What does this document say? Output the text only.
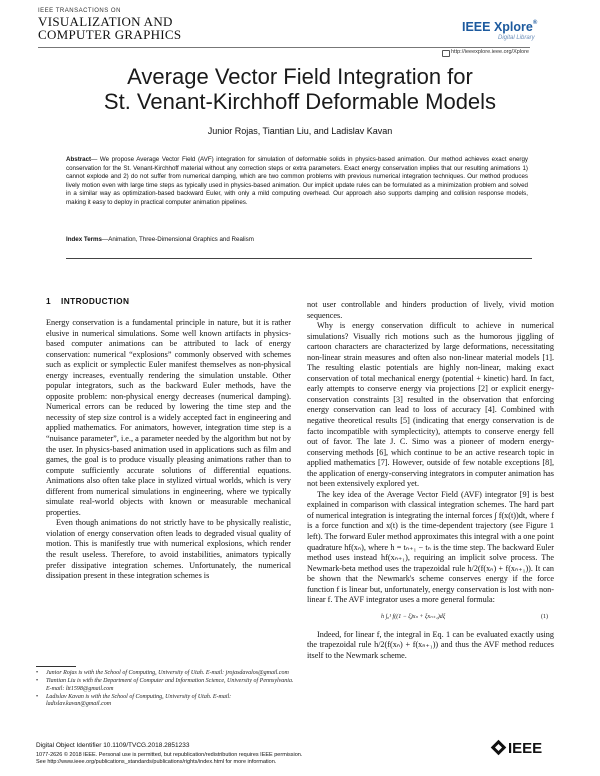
IEEE TRANSACTIONS ON
VISUALIZATION AND
COMPUTER GRAPHICS	IEEE Xplore®
Digital Library
http://ieeexplore.ieee.org/Xplore
Average Vector Field Integration for
St. Venant-Kirchhoff Deformable Models
Junior Rojas, Tiantian Liu, and Ladislav Kavan
Abstract— We propose Average Vector Field (AVF) integration for simulation of deformable solids in physics-based animation. Our method achieves exact energy conservation for the St. Venant-Kirchhoff material without any correction steps or extra parameters. Exact energy conservation implies that our resulting animations 1) cannot explode and 2) do not suffer from numerical damping, which are two common problems with previous numerical integration techniques. Our method produces lively motion even with large time steps as typically used in physics-based animation. Our implicit update rules can be formulated as a minimization problem and solved in a similar way as optimization-based backward Euler, with only a mild computing overhead. Our approach also supports damping and collision response models, making it easy to deploy in practical computer animation pipelines.
Index Terms—Animation, Three-Dimensional Graphics and Realism
1 INTRODUCTION

Energy conservation is a fundamental principle in nature, but it is rather elusive in numerical simulations. Some well known artifacts in physics-based computer animations can be attributed to lack of energy conservation: numerical “explosions” commonly observed with schemes such as explicit or symplectic Euler manifest themselves as non-physical energy increases, eventually rendering the simulation unstable. Other popular integrators, such as the backward Euler methods, have the opposite problem: non-physical energy decreases (numerical damping). Numerical errors can be reduced by lowering the time step and the necessity of step size control is a widely accepted fact in engineering and applied mathematics. For animators, however, integration time step is a “nuisance parameter”, i.e., a parameter needed by the algorithm but not by the user. In physics-based animation used in applications such as film and games, the goal is to produce visually pleasing animations rather than to compute sufficiently accurate solutions of differential equations. Animations also often take place in stylized virtual worlds, which is very different from numerical simulations in engineering, where we typically simulate real-world objects with known or measurable mechanical properties.

Even though animations do not strictly have to be physically realistic, violation of energy conservation often leads to degraded visual quality of motion. This is manifestly true with numerical explosions, which render the result useless. Therefore, to avoid instabilities, animators typically prefer dissipative integration schemes. Unfortunately, the numerical dissipation present in these integration schemes is

not user controllable and hinders production of lively, vivid motion sequences.

Why is energy conservation difficult to achieve in numerical simulations? Visually rich motions such as the humorous jiggling of cartoon characters are characterized by large deformations, necessitating non-linear strain measures and often also non-linear material models [1]. The resulting elastic potentials are highly non-linear, making exact conservation of total mechanical energy (potential + kinetic) hard. In fact, early attempts to conserve energy via projections [2] or explicit energy-conservation constraints [3] resulted in the observation that enforcing energy conservation can lead to loss of accuracy [4]. Combined with negative theoretical results [5] (indicating that energy conservation is de facto incompatible with symplecticity), attempts to conserve energy fell out of favor. The late J. C. Simo was a pioneer of modern energy-conserving methods [6], which continue to be an active research topic in applied mathematics [7]. However, outside of few notable exceptions [8], the application of energy-conserving integrators in computer animation has not been extensively explored yet.

The key idea of the Average Vector Field (AVF) integrator [9] is best explained in comparison with classical integration schemes. The hard part of numerical integration is integrating the internal forces ∫ f(x(t))dt, where f is a force function and x(t) is the time-dependent trajectory (see Figure 1 left). The forward Euler method approximates this integral with a one point quadrature hf(xₙ), where h = tₙ₊₁ − tₙ is the time step. The backward Euler method uses instead hf(xₙ₊₁), requiring an implicit solve process. The Newmark-beta method uses the trapezoidal rule h/2(f(xₙ) + f(xₙ₊₁)). It can be shown that the Newmark's scheme conserves energy if the force function f is linear but, unfortunately, energy conservation is lost with non-linear f. The AVF integrator uses a more general formula:

h ∫₀¹ f((1 − ξ)xₙ + ξxₙ₊₁)dξ	(1)

Indeed, for linear f, the integral in Eq. 1 can be evaluated exactly using the trapezoidal rule h/2(f(xₙ) + f(xₙ₊₁)) and thus the AVF method reduces itself to the Newmark scheme.

• Junior Rojas is with the School of Computing, University of Utah. E-mail: jrojasdavalos@gmail.com
• Tiantian Liu is with the Department of Computer and Information Science, University of Pennsylvania. E-mail: ltt1598@gmail.com
• Ladislav Kavan is with the School of Computing, University of Utah. E-mail: ladislav.kavan@gmail.com
Digital Object Identifier 10.1109/TVCG.2018.2851233
1077-2626 © 2018 IEEE. Personal use is permitted, but republication/redistribution requires IEEE permission.
See http://www.ieee.org/publications_standards/publications/rights/index.html for more information.
IEEE
